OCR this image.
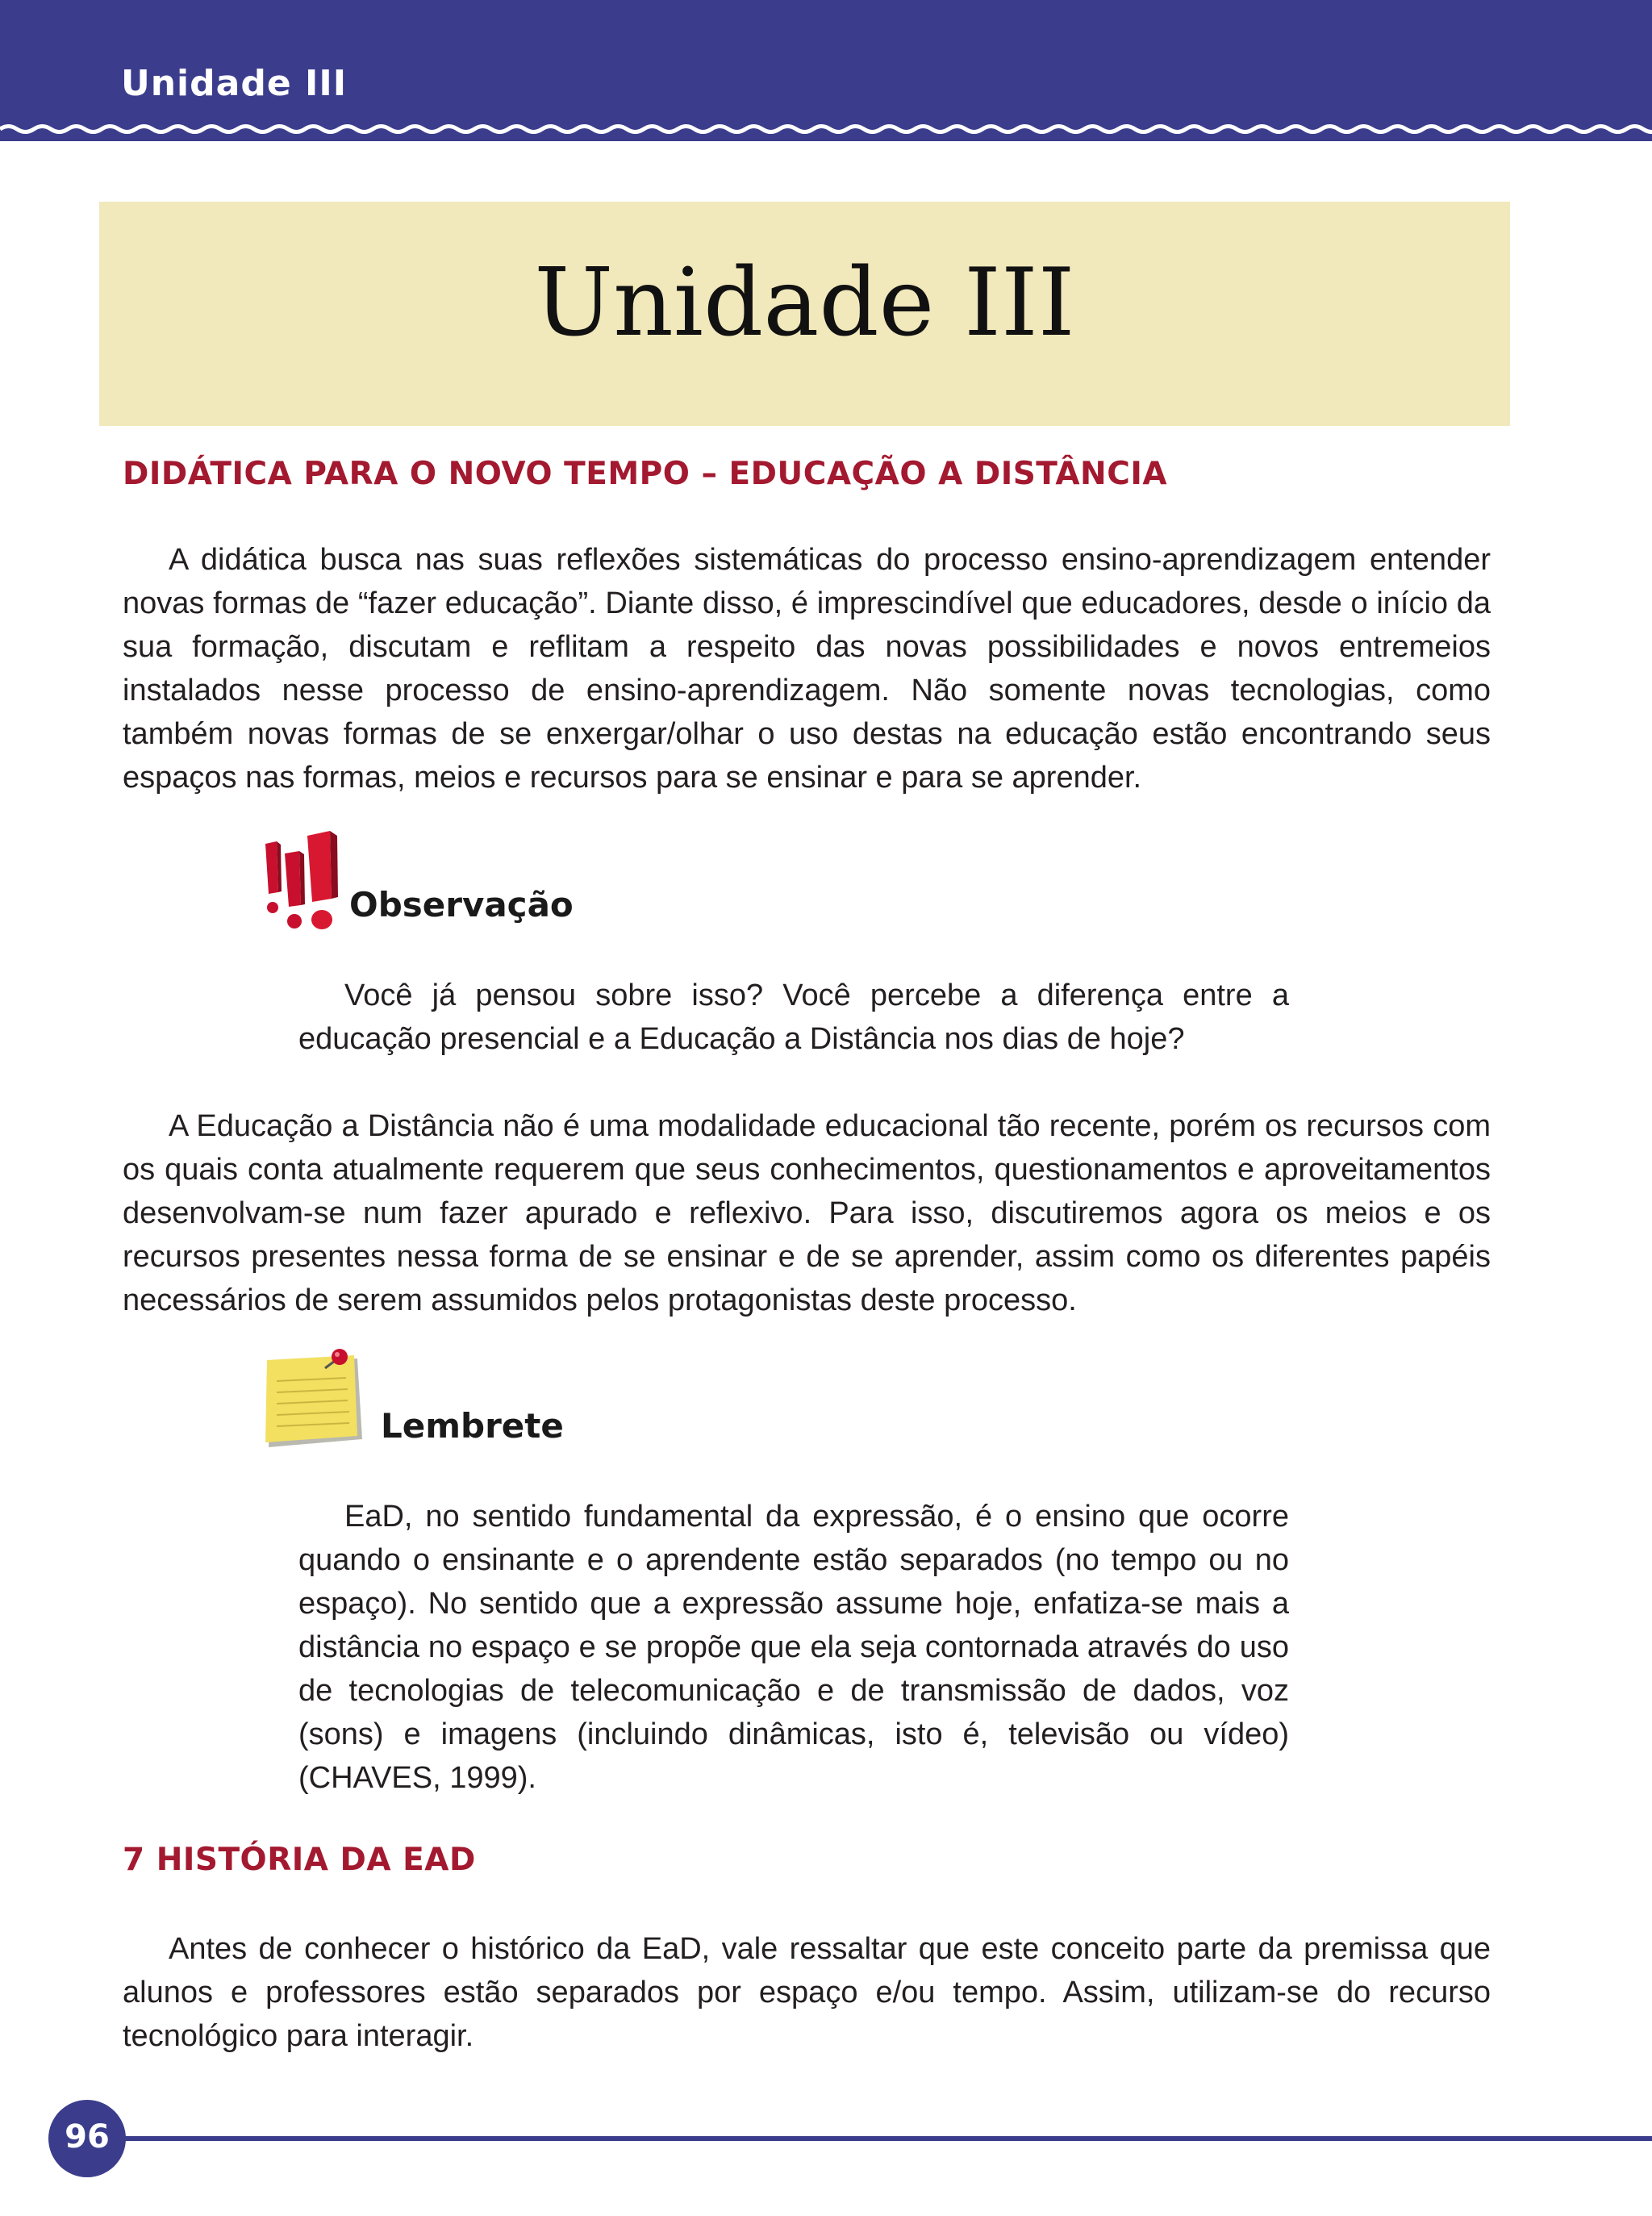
Unidade III
Unidade III
DIDÁTICA PARA O NOVO TEMPO – EDUCAÇÃO A DISTÂNCIA

A didática busca nas suas reflexões sistemáticas do processo ensino-aprendizagem entender novas formas de “fazer educação”. Diante disso, é imprescindível que educadores, desde o início da sua formação, discutam e reflitam a respeito das novas possibilidades e novos entremeios instalados nesse processo de ensino-aprendizagem. Não somente novas tecnologias, como também novas formas de se enxergar/olhar o uso destas na educação estão encontrando seus espaços nas formas, meios e recursos para se ensinar e para se aprender.

Observação

Você já pensou sobre isso? Você percebe a diferença entre a educação presencial e a Educação a Distância nos dias de hoje?

A Educação a Distância não é uma modalidade educacional tão recente, porém os recursos com os quais conta atualmente requerem que seus conhecimentos, questionamentos e aproveitamentos desenvolvam-se num fazer apurado e reflexivo. Para isso, discutiremos agora os meios e os recursos presentes nessa forma de se ensinar e de se aprender, assim como os diferentes papéis necessários de serem assumidos pelos protagonistas deste processo.

Lembrete

EaD, no sentido fundamental da expressão, é o ensino que ocorre quando o ensinante e o aprendente estão separados (no tempo ou no espaço). No sentido que a expressão assume hoje, enfatiza-se mais a distância no espaço e se propõe que ela seja contornada através do uso de tecnologias de telecomunicação e de transmissão de dados, voz (sons) e imagens (incluindo dinâmicas, isto é, televisão ou vídeo) (CHAVES, 1999).

7 HISTÓRIA DA EAD

Antes de conhecer o histórico da EaD, vale ressaltar que este conceito parte da premissa que alunos e professores estão separados por espaço e/ou tempo. Assim, utilizam-se do recurso tecnológico para interagir.

96
